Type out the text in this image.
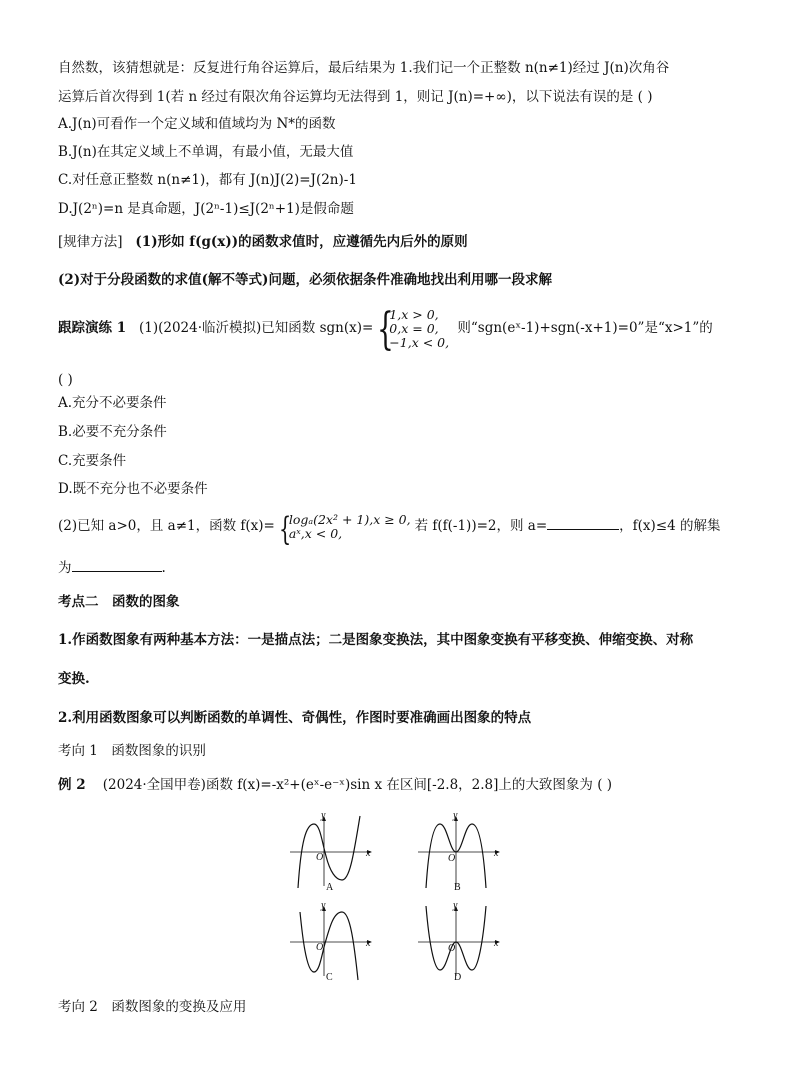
自然数，该猜想就是：反复进行角谷运算后，最后结果为 1.我们记一个正整数 n(n≠1)经过 J(n)次角谷
运算后首次得到 1(若 n 经过有限次角谷运算均无法得到 1，则记 J(n)=+∞)，以下说法有误的是 ( )
A.J(n)可看作一个定义域和值域均为 N*的函数
B.J(n)在其定义域上不单调，有最小值，无最大值
C.对任意正整数 n(n≠1)，都有 J(n)J(2)=J(2n)-1
D.J(2ⁿ)=n 是真命题，J(2ⁿ-1)≤J(2ⁿ+1)是假命题
[规律方法] (1)形如 f(g(x))的函数求值时，应遵循先内后外的原则
(2)对于分段函数的求值(解不等式)问题，必须依据条件准确地找出利用哪一段求解
跟踪演练 1 (1)(2024·临沂模拟)已知函数 sgn(x)= {
1,x > 0,
0,x = 0,
−1,x < 0,
则“sgn(eˣ-1)+sgn(-x+1)=0”是“x>1”的
( )
A.充分不必要条件
B.必要不充分条件
C.充要条件
D.既不充分也不必要条件
(2)已知 a>0，且 a≠1，函数 f(x)= {
logₐ(2x² + 1),x ≥ 0,
aˣ,x < 0,	若 f(f(-1))=2，则 a=	，f(x)≤4 的解集
为	.
考点二　函数的图象
1.作函数图象有两种基本方法：一是描点法；二是图象变换法，其中图象变换有平移变换、伸缩变换、对称
变换.
2.利用函数图象可以判断函数的单调性、奇偶性，作图时要准确画出图象的特点
考向 1　函数图象的识别
例 2 (2024·全国甲卷)函数 f(x)=-x²+(eˣ-e⁻ˣ)sin x 在区间[-2.8，2.8]上的大致图象为 ( )
y
x
O
A
y
x
O
B
y
x
O
C
y
x
O
D
考向 2　函数图象的变换及应用
